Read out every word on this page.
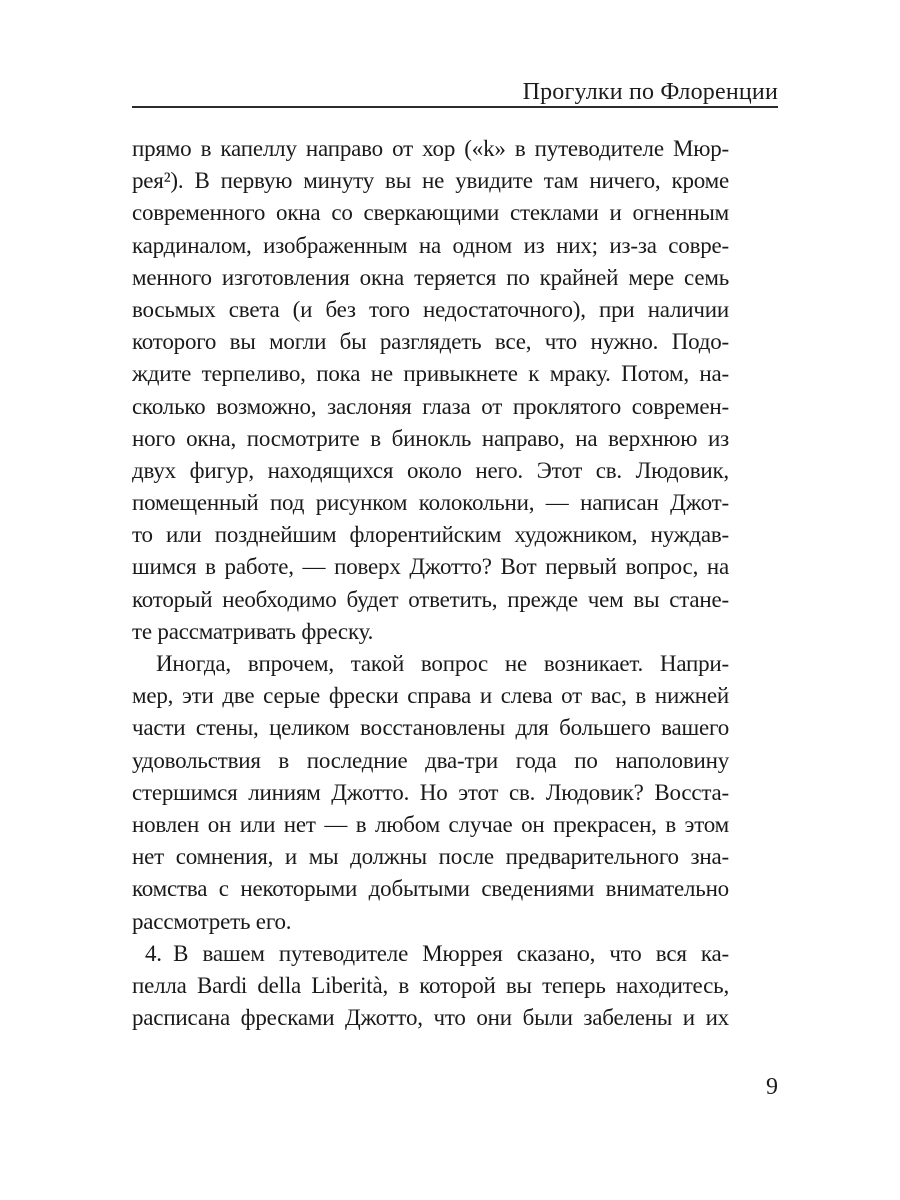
Прогулки по Флоренции
прямо в капеллу направо от хор («k» в путеводителе Мюр-
рея²). В первую минуту вы не увидите там ничего, кроме
современного окна со сверкающими стеклами и огненным
кардиналом, изображенным на одном из них; из-за совре-
менного изготовления окна теряется по крайней мере семь
восьмых света (и без того недостаточного), при наличии
которого вы могли бы разглядеть все, что нужно. Подо-
ждите терпеливо, пока не привыкнете к мраку. Потом, на-
сколько возможно, заслоняя глаза от проклятого современ-
ного окна, посмотрите в бинокль направо, на верхнюю из
двух фигур, находящихся около него. Этот св. Людовик,
помещенный под рисунком колокольни, — написан Джот-
то или позднейшим флорентийским художником, нуждав-
шимся в работе, — поверх Джотто? Вот первый вопрос, на
который необходимо будет ответить, прежде чем вы стане-
те рассматривать фреску.
Иногда, впрочем, такой вопрос не возникает. Напри-
мер, эти две серые фрески справа и слева от вас, в нижней
части стены, целиком восстановлены для большего вашего
удовольствия в последние два-три года по наполовину
стершимся линиям Джотто. Но этот св. Людовик? Восста-
новлен он или нет — в любом случае он прекрасен, в этом
нет сомнения, и мы должны после предварительного зна-
комства с некоторыми добытыми сведениями внимательно
рассмотреть его.
4. В вашем путеводителе Мюррея сказано, что вся ка-
пелла Bardi della Liberità, в которой вы теперь находитесь,
расписана фресками Джотто, что они были забелены и их
9
